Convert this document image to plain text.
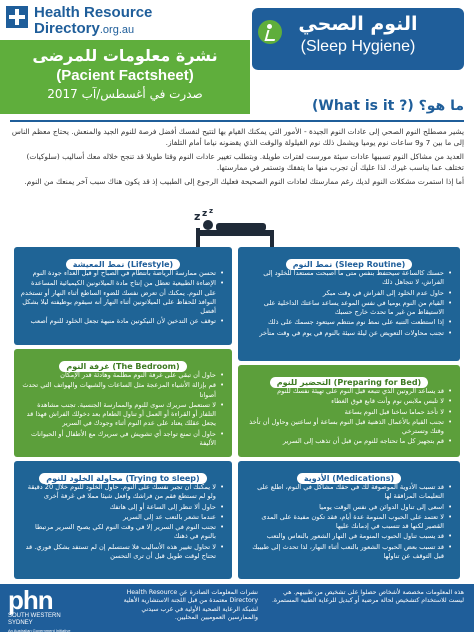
Health Resource
Directory.org.au
نشرة معلومات للمرضى
(Pacient Factsheet)
صدرت في أغسطس/آب 2017
النوم الصحي
(Sleep Hygiene)
(What is it ?) ما هو؟

يشير مصطلح النوم الصحي إلى عادات النوم الجيدة - الأمور التي يمكنك القيام بها لتتيح لنفسك أفضل فرصة للنوم الجيد والمنعش. يحتاج معظم الناس إلى ما بين 7 و9 ساعات نوم يوميا ويشمل ذلك نوم القيلولة والوقت الذي يقضونه نياما أمام التلفاز.

العديد من مشاكل النوم تسببها عادات سيئة مورست لفترات طويلة. وبتطلب تغيير عادات النوم وقتا طويلا قد تنجح خلاله معك أساليب (سلوكيات) تختلف عما يناسب غيرك. لذا عليك أن تجرب منها ما يتفقك وتستمر في ممارستها.

أما إذا استمرت مشكلات النوم لديك رغم ممارستك لعادات النوم الصحيحة فعليك الرجوع إلى الطبيب إذ قد يكون هناك سبب آخر يمنعك من النوم.

z z z
نمط المعيشة (Lifestyle)
• تحسن ممارسة الرياضة بانتظام في الصباح أو قبل الغداء جودة النوم
• الإضاءة الطبيعية تعطل من إنتاج مادة الميلاتونين الكيميائية المساعدة على النوم. يمكنك أن تعرض نفسك للضوء الساطع أثناء النهار أو تستخدم النوافذ للحفاظ على الميلاتونين أثناء النهار أنه سيقوم بوظيفته ليلا بشكل أفضل
• توقف عن التدخين لأن النيكوتين مادة منبهة تجعل الخلود للنوم أصعب
غرفة النوم (The Bedroom)
• حاول أن تبقي على غرفة النوم مظلمة وهادئة قدر الإمكان
• قم بإزالة الأشياء المزعجة مثل الساعات والشبهات والهواتف التي تحدث أصواتا
• لا تستعمل سريرك سوى للنوم والممارسة الجنسية. تجنب مشاهدة التلفاز أو القراءة أو العمل أو تناول الطعام بعد دخولك الفراش فهذا قد يجعل عقلك يعتاد على عدم النوم أثناء وجودك في السرير
• حاول أن تمنع تواجد أي تشويش في سريرك مع الأطفال أو الحيوانات الأليفة
محاولة الخلود للنوم (Trying to sleep)
• لا يمكنك أن تجبر نفسك على النوم. حاول الخلود للنوم خلال 20 دقيقة ولو لم تستطع فقم من فراشك وافعل شيئا مملا في غرفة أخرى
• حاول ألا تنظر إلى الساعة أو إلى هاتفك
• عندما تشعر بالتعب عد إلى السرير
• تجنب النوم في السرير إلا في وقت النوم لكي يصبح السرير مرتبطا بالنوم في ذهنك
• لا تحاول تغيير هذه الأساليب فلا تستسلم إن لم تستفد بشكل فوري. قد تحتاج لوقت طويل قبل أن ترى التحسن
نمط النوم (Sleep Routine)
• حسنك كالساعة سيحتفظ بنفس متى ما أصبحت مستعدا للخلود إلى الفراش، لا تتجاهل ذلك
• حاول عدم الخلود إلى الفراش في وقت مبكر
• القيام من النوم يوميا في نفس الموعد يساعد ساعتك الداخلية على الاستيقاظ من غير ما تحدث خارج حسبك
• إذا استطعت التنبه على نمط نوم منتظم سيتعود جسمك على ذلك
• تجنب محاولات التعويض عن ليلة سيئة بالنوم في يوم في وقت متأخر
التحضير للنوم (Preparing for Bed)
• قد يساعد الروتين الذي تتبعه قبل النوم على تهيئة نفسك للنوم
• لا تلبس ملابس نوم وأنت قابع فوق الغطاء
• لا تأخذ حماما ساخنا قبل النوم بساعة
• تجنب القيام بالأعمال الذهنية قبل النوم بساعة أو ساعتين وحاول أن تأخذ وقتك وتسترخي
• قم بتجهيز كل ما تحتاجه للنوم من قبل أن تذهب إلى السرير
الأدوية (Medications)
• قد تسبب الأدوية الموصوفة لك في حقك مشاكل في النوم، اطلع على التعليمات المرافقة لها
• اسعى إلى تناول الدوائن في نفس الوقت يوميا
• لا تعتمد على الحبوب المنومة عدة أيام، فقد تكون مفيدة على المدى القصير لكنها قد تتسبب في إدمانك عليها
• قد يسبب تناول الحبوب المنومة في النهار الشعور بالنعاس والتعب
• قد تسبب بعض الحبوب الشعور بالتعب أثناء النهار، لذا تحدث إلى طبيبك قبل التوقف عن تناولها
phn
SOUTH WESTERN
SYDNEY
An Australian Government Initiative
نشرات المعلومات الصادرة عن Health Resource Directory معتمدة من قبل اللجنة الاستشارية الأهلية لشبكة الرعاية الصحية الأولية في غرب سيدني والممارسين العموميين المحليين.
هذه المعلومات مخصصة لأشخاص حصلوا على تشخيص من طبيبهم. هي ليست للاستخدام كتشخيص لحالة مرضية أو كبديل للرعاية الطبية المستمرة.
